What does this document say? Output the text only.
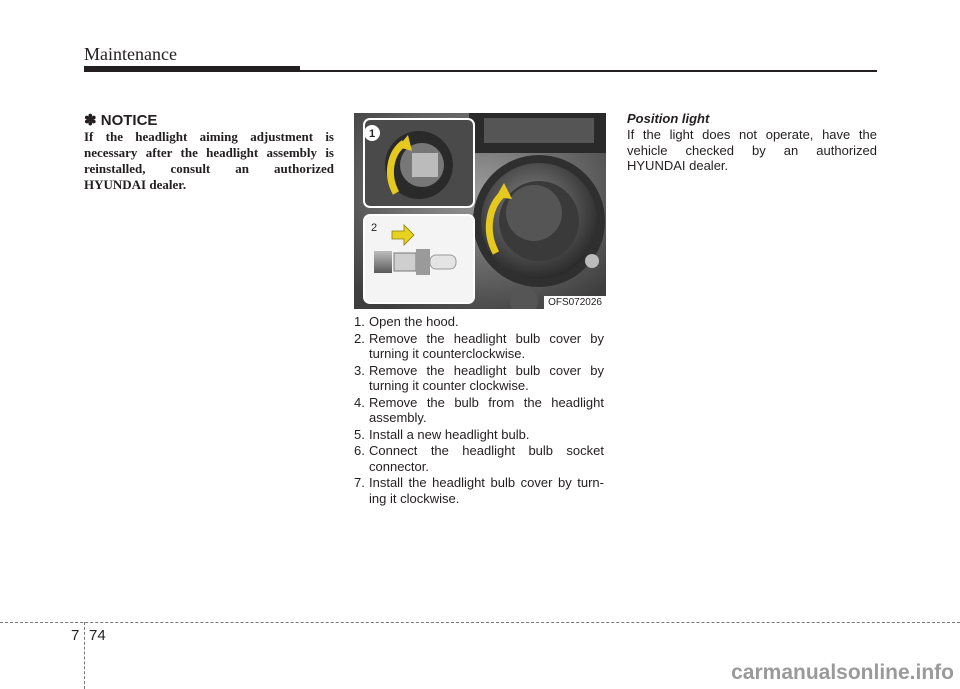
Maintenance
✽ NOTICE
If the headlight aiming adjustment is necessary after the headlight assembly is reinstalled, consult an authorized HYUNDAI dealer.
1
2
OFS072026
1. Open the hood.
2. Remove the headlight bulb cover by turning it counterclockwise.
3. Remove the headlight bulb cover by turning it counter clockwise.
4. Remove the bulb from the headlight assembly.
5. Install a new headlight bulb.
6. Connect the headlight bulb socket connector.
7. Install the headlight bulb cover by turn- ing it clockwise.
Position light
If the light does not operate, have the vehicle checked by an authorized HYUNDAI dealer.
7 74
carmanualsonline.info
